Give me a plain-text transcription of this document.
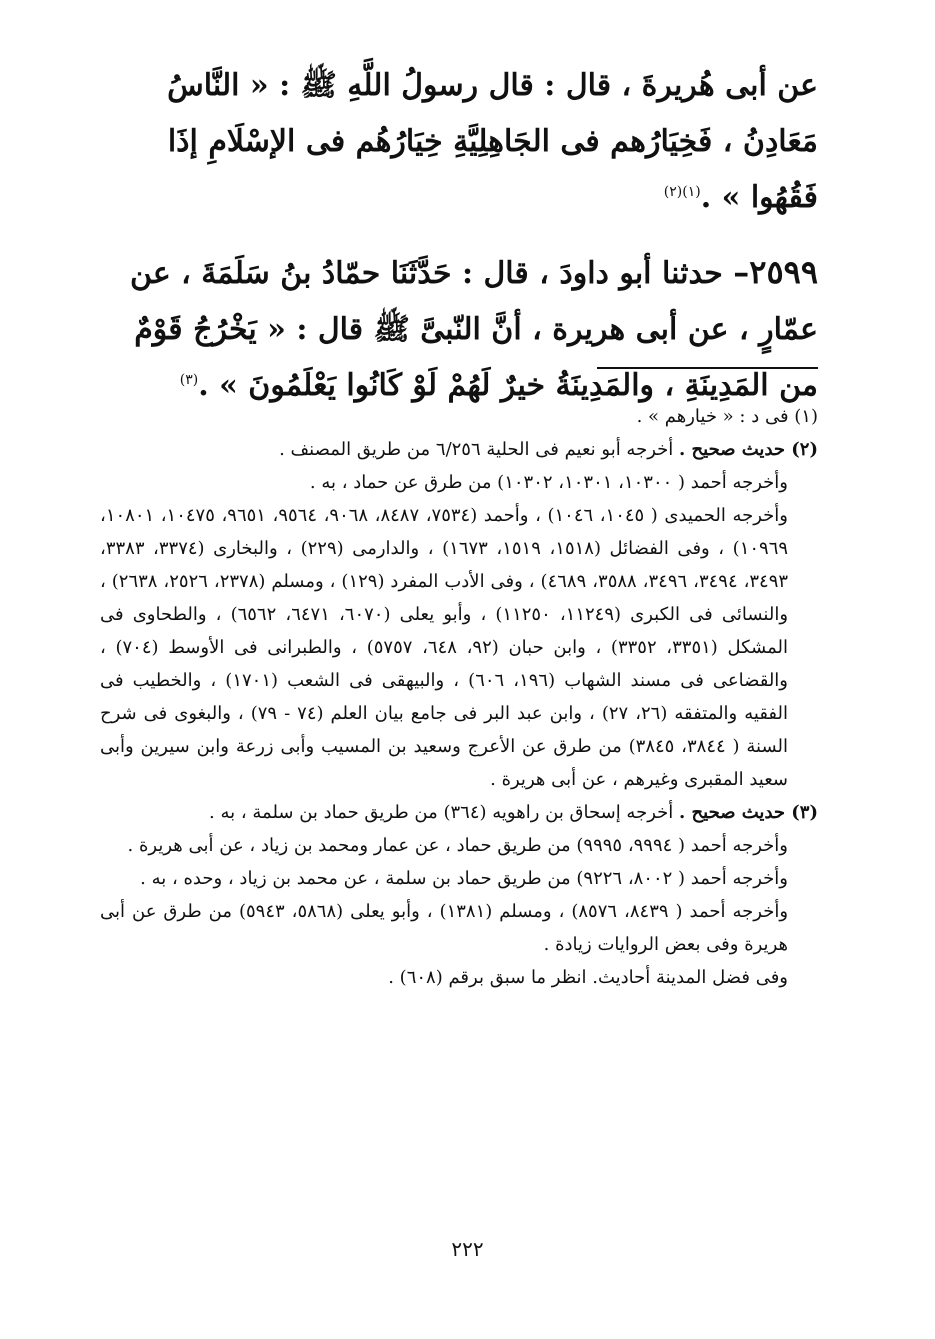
عن أبى هُريرةَ ، قال : قال رسولُ اللَّهِ ﷺ : « النَّاسُ مَعَادِنُ ، فَخِيَارُهم فى الجَاهِلِيَّةِ خِيَارُهُم فى الإسْلَامِ إذَا فَقُهُوا » .$^{(١)(٢)}$

٢٥٩٩– حدثنا أبو داودَ ، قال : حَدَّثَنَا حمّادُ بنُ سَلَمَةَ ، عن عمّارٍ ، عن أبى هريرة ، أنَّ النّبىَّ ﷺ قال : « يَخْرُجُ قَوْمٌ من المَدِينَةِ ، والمَدِينَةُ خيرٌ لَهُمْ لَوْ كَانُوا يَعْلَمُونَ » .$^{(٣)}$

(١) فى د : « خيارهم » .

(٢) حديث صحيح . أخرجه أبو نعيم فى الحلية ٦/٢٥٦ من طريق المصنف .

وأخرجه أحمد ( ١٠٣٠٠، ١٠٣٠١، ١٠٣٠٢) من طرق عن حماد ، به .

وأخرجه الحميدى ( ١٠٤٥، ١٠٤٦) ، وأحمد (٧٥٣٤، ٨٤٨٧، ٩٠٦٨، ٩٥٦٤، ٩٦٥١، ١٠٤٧٥، ١٠٨٠١، ١٠٩٦٩) ، وفى الفضائل (١٥١٨، ١٥١٩، ١٦٧٣) ، والدارمى (٢٢٩) ، والبخارى (٣٣٧٤، ٣٣٨٣، ٣٤٩٣، ٣٤٩٤، ٣٤٩٦، ٣٥٨٨، ٤٦٨٩) ، وفى الأدب المفرد (١٢٩) ، ومسلم (٢٣٧٨، ٢٥٢٦، ٢٦٣٨) ، والنسائى فى الكبرى (١١٢٤٩، ١١٢٥٠) ، وأبو يعلى (٦٠٧٠، ٦٤٧١، ٦٥٦٢) ، والطحاوى فى المشكل (٣٣٥١، ٣٣٥٢) ، وابن حبان (٩٢، ٦٤٨، ٥٧٥٧) ، والطبرانى فى الأوسط (٧٠٤) ، والقضاعى فى مسند الشهاب (١٩٦، ٦٠٦) ، والبيهقى فى الشعب (١٧٠١) ، والخطيب فى الفقيه والمتفقه (٢٦، ٢٧) ، وابن عبد البر فى جامع بيان العلم (٧٤ - ٧٩) ، والبغوى فى شرح السنة ( ٣٨٤٤، ٣٨٤٥) من طرق عن الأعرج وسعيد بن المسيب وأبى زرعة وابن سيرين وأبى سعيد المقبرى وغيرهم ، عن أبى هريرة .

(٣) حديث صحيح . أخرجه إسحاق بن راهويه (٣٦٤) من طريق حماد بن سلمة ، به .

وأخرجه أحمد ( ٩٩٩٤، ٩٩٩٥) من طريق حماد ، عن عمار ومحمد بن زياد ، عن أبى هريرة .

وأخرجه أحمد ( ٨٠٠٢، ٩٢٢٦) من طريق حماد بن سلمة ، عن محمد بن زياد ، وحده ، به .

وأخرجه أحمد ( ٨٤٣٩، ٨٥٧٦) ، ومسلم (١٣٨١) ، وأبو يعلى (٥٨٦٨، ٥٩٤٣) من طرق عن أبى هريرة وفى بعض الروايات زيادة .

وفى فضل المدينة أحاديث. انظر ما سبق برقم (٦٠٨) .

٢٢٢
